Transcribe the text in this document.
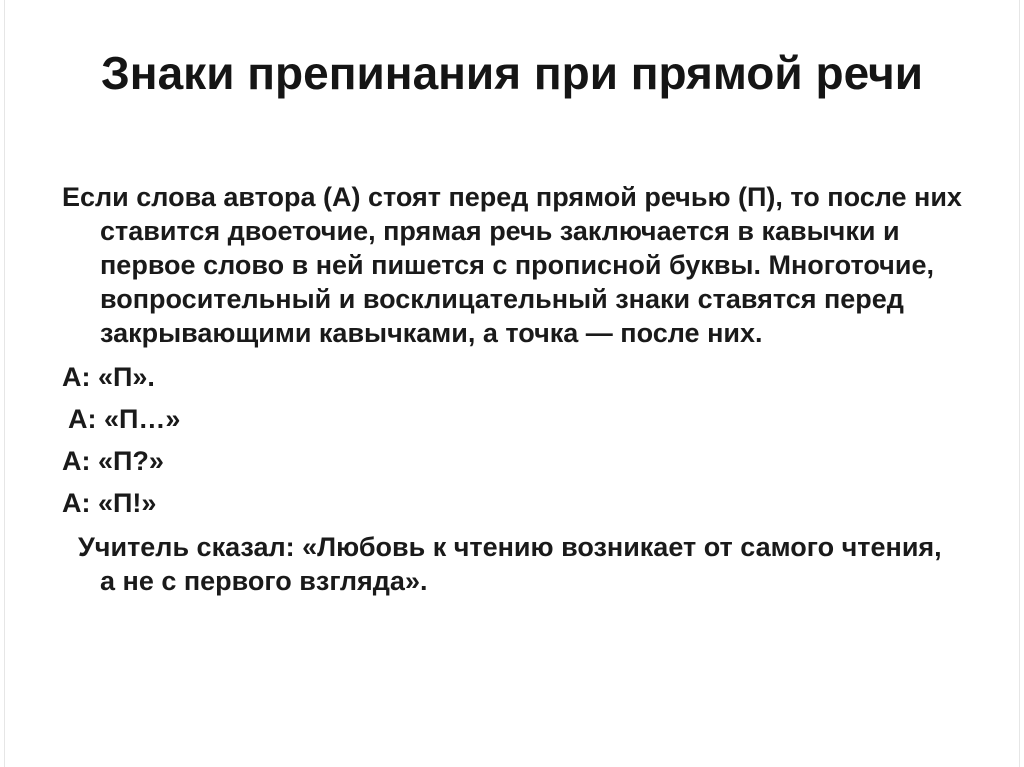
Знаки препинания при прямой речи

Если слова автора (А) стоят перед прямой речью (П), то после них ставится двоеточие, прямая речь заключается в кавычки и первое слово в ней пишется с прописной буквы. Многоточие, вопросительный и восклицательный знаки ставятся перед закрывающими кавычками, а точка — после них.

А: «П».

А: «П…»

А: «П?»

А: «П!»

Учитель сказал: «Любовь к чтению возникает от самого чтения, а не с первого взгляда».
